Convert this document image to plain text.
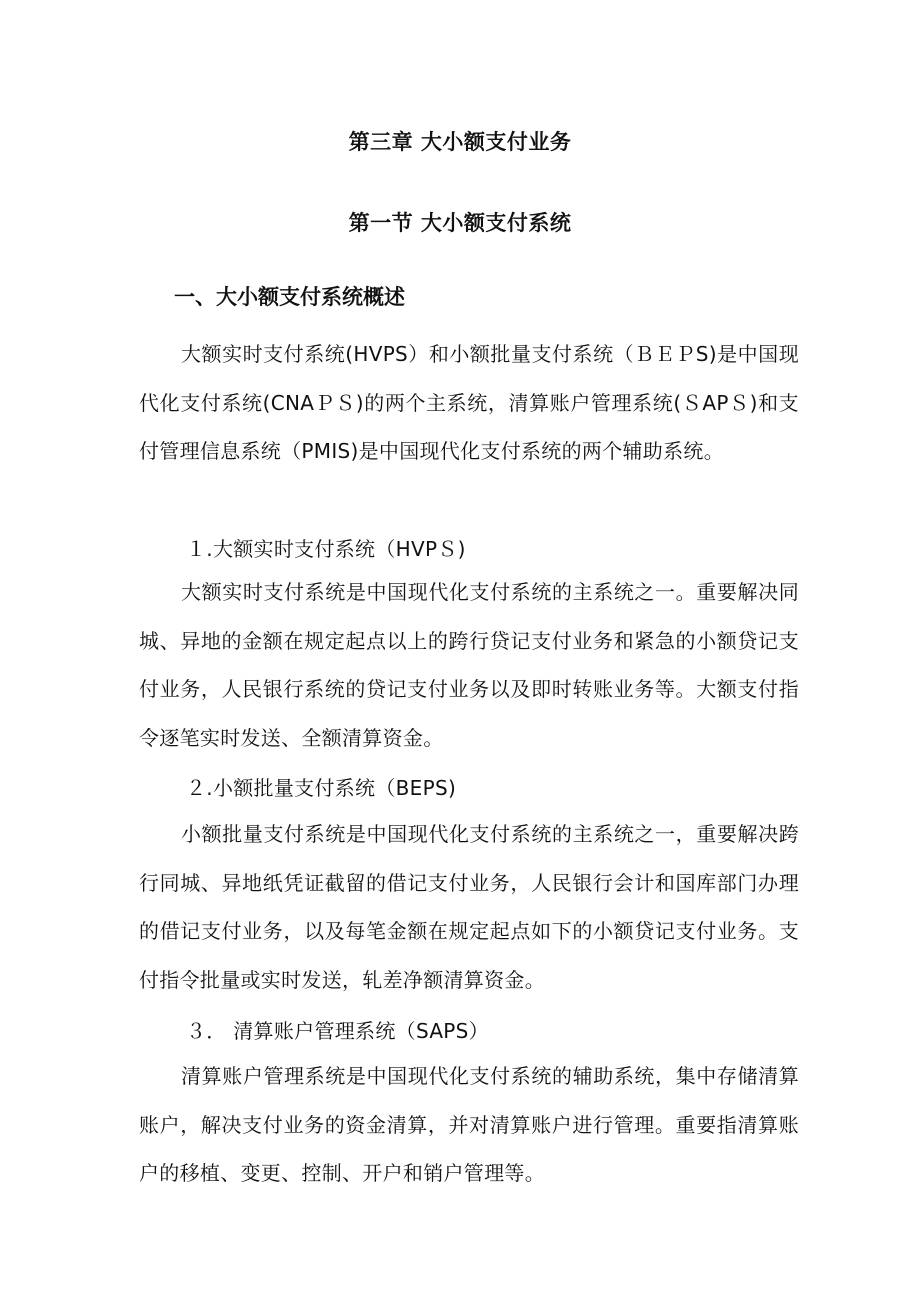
第三章 大小额支付业务
第一节 大小额支付系统
一、大小额支付系统概述

大额实时支付系统(HVPS）和小额批量支付系统（ＢＥＰS)是中国现代化支付系统(CNAＰＳ)的两个主系统，清算账户管理系统(ＳAPＳ)和支付管理信息系统（PMIS)是中国现代化支付系统的两个辅助系统。

１.大额实时支付系统（HVPＳ)

大额实时支付系统是中国现代化支付系统的主系统之一。重要解决同城、异地的金额在规定起点以上的跨行贷记支付业务和紧急的小额贷记支付业务，人民银行系统的贷记支付业务以及即时转账业务等。大额支付指令逐笔实时发送、全额清算资金。

２.小额批量支付系统（BEPS)

小额批量支付系统是中国现代化支付系统的主系统之一，重要解决跨行同城、异地纸凭证截留的借记支付业务，人民银行会计和国库部门办理的借记支付业务，以及每笔金额在规定起点如下的小额贷记支付业务。支付指令批量或实时发送，轧差净额清算资金。

３． 清算账户管理系统（SAPS）

清算账户管理系统是中国现代化支付系统的辅助系统，集中存储清算账户，解决支付业务的资金清算，并对清算账户进行管理。重要指清算账户的移植、变更、控制、开户和销户管理等。
